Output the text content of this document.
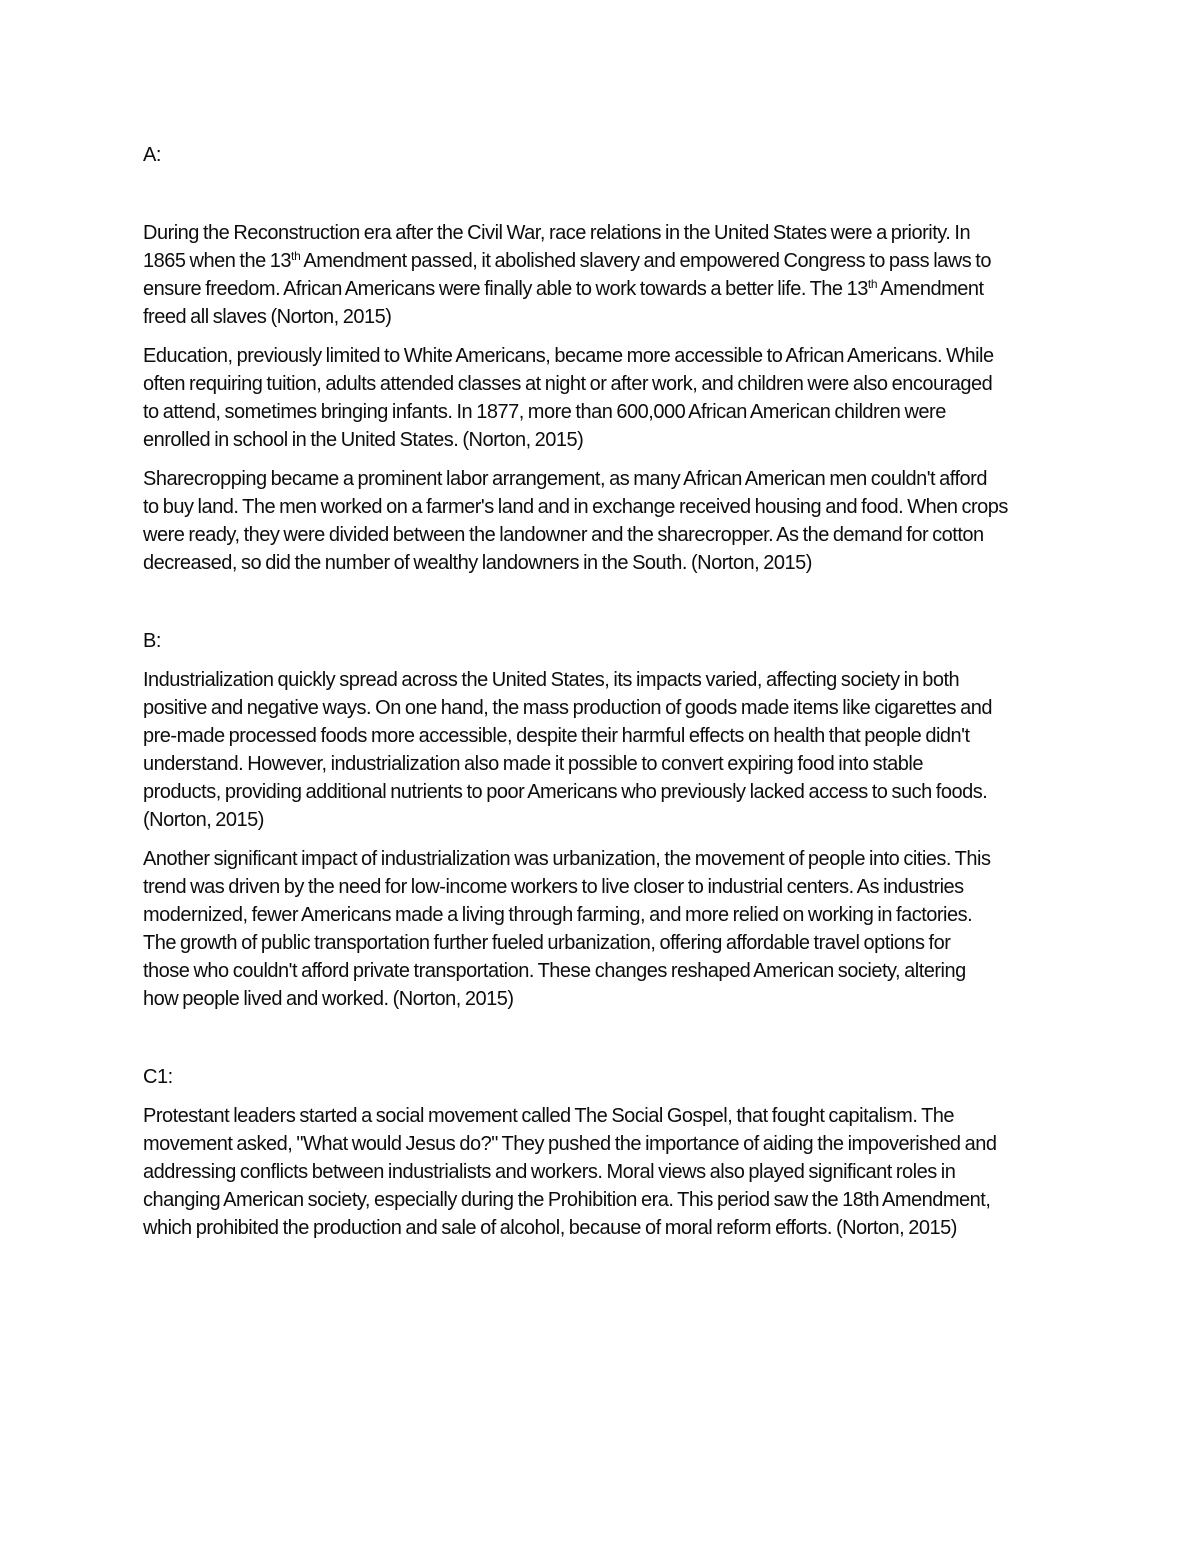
A:

During the Reconstruction era after the Civil War, race relations in the United States were a priority. In
1865 when the 13th Amendment passed, it abolished slavery and empowered Congress to pass laws to
ensure freedom. African Americans were finally able to work towards a better life. The 13th Amendment
freed all slaves (Norton, 2015)
Education, previously limited to White Americans, became more accessible to African Americans. While
often requiring tuition, adults attended classes at night or after work, and children were also encouraged
to attend, sometimes bringing infants. In 1877, more than 600,000 African American children were
enrolled in school in the United States. (Norton, 2015)
Sharecropping became a prominent labor arrangement, as many African American men couldn't afford
to buy land. The men worked on a farmer's land and in exchange received housing and food. When crops
were ready, they were divided between the landowner and the sharecropper. As the demand for cotton
decreased, so did the number of wealthy landowners in the South. (Norton, 2015)

B:

Industrialization quickly spread across the United States, its impacts varied, affecting society in both
positive and negative ways. On one hand, the mass production of goods made items like cigarettes and
pre-made processed foods more accessible, despite their harmful effects on health that people didn't
understand. However, industrialization also made it possible to convert expiring food into stable
products, providing additional nutrients to poor Americans who previously lacked access to such foods.
(Norton, 2015)
Another significant impact of industrialization was urbanization, the movement of people into cities. This
trend was driven by the need for low-income workers to live closer to industrial centers. As industries
modernized, fewer Americans made a living through farming, and more relied on working in factories.
The growth of public transportation further fueled urbanization, offering affordable travel options for
those who couldn't afford private transportation. These changes reshaped American society, altering
how people lived and worked. (Norton, 2015)

C1:

Protestant leaders started a social movement called The Social Gospel, that fought capitalism. The
movement asked, "What would Jesus do?" They pushed the importance of aiding the impoverished and
addressing conflicts between industrialists and workers. Moral views also played significant roles in
changing American society, especially during the Prohibition era. This period saw the 18th Amendment,
which prohibited the production and sale of alcohol, because of moral reform efforts. (Norton, 2015)
